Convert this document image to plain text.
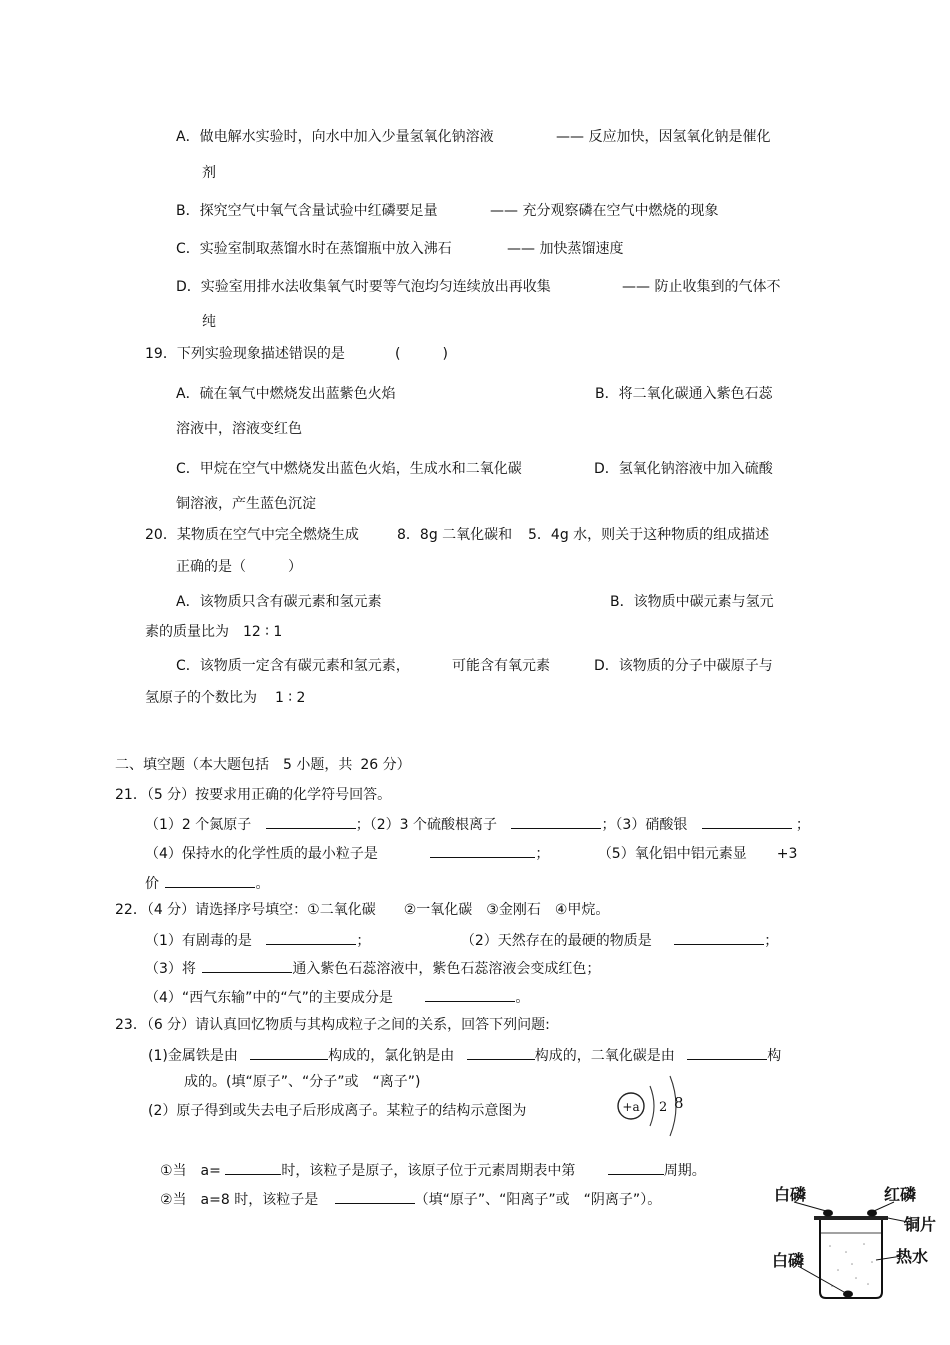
A．做电解水实验时，向水中加入少量氢氧化钠溶液	—— 反应加快，因氢氧化钠是催化
剂
B．探究空气中氧气含量试验中红磷要足量	—— 充分观察磷在空气中燃烧的现象
C．实验室制取蒸馏水时在蒸馏瓶中放入沸石	—— 加快蒸馏速度
D．实验室用排水法收集氧气时要等气泡均匀连续放出再收集	—— 防止收集到的气体不
纯
19．下列实验现象描述错误的是	(　　　)
A．硫在氧气中燃烧发出蓝紫色火焰	B．将二氧化碳通入紫色石蕊
溶液中，溶液变红色
C．甲烷在空气中燃烧发出蓝色火焰，生成水和二氧化碳	D．氢氧化钠溶液中加入硫酸
铜溶液，产生蓝色沉淀
20．某物质在空气中完全燃烧生成	8．8g 二氧化碳和 5．4g 水，则关于这种物质的组成描述
正确的是（　　　）
A．该物质只含有碳元素和氢元素	B．该物质中碳元素与氢元
素的质量比为 12 ∶ 1
C．该物质一定含有碳元素和氢元素，	可能含有氧元素	D．该物质的分子中碳原子与
氢原子的个数比为 1 ∶ 2
二、填空题（本大题包括 5 小题，共 26 分）
21．（5 分）按要求用正确的化学符号回答。
（1）2 个氮原子	；（2）3 个硫酸根离子	；（3）硝酸银	；
（4）保持水的化学性质的最小粒子是	；	（5）氧化铝中铝元素显 +3
价	。
22．（4 分）请选择序号填空：①二氧化碳　　②一氧化碳　③金刚石　④甲烷。
（1）有剧毒的是	；	（2）天然存在的最硬的物质是	；
（3）将	通入紫色石蕊溶液中，紫色石蕊溶液会变成红色；
（4）“西气东输”中的“气”的主要成分是	。
23．（6 分）请认真回忆物质与其构成粒子之间的关系，回答下列问题:
(1)金属铁是由	构成的，氯化钠是由	构成的，二氧化碳是由	构
成的。(填“原子”、“分子”或　“离子”)
(2）原子得到或失去电子后形成离子。某粒子的结构示意图为	+a 2 8
①当　a=	时，该粒子是原子，该原子位于元素周期表中第	周期。
②当　a=8 时，该粒子是	（填“原子”、“阳离子”或　“阴离子”）。	白磷	红磷
铜片
白磷	热水
